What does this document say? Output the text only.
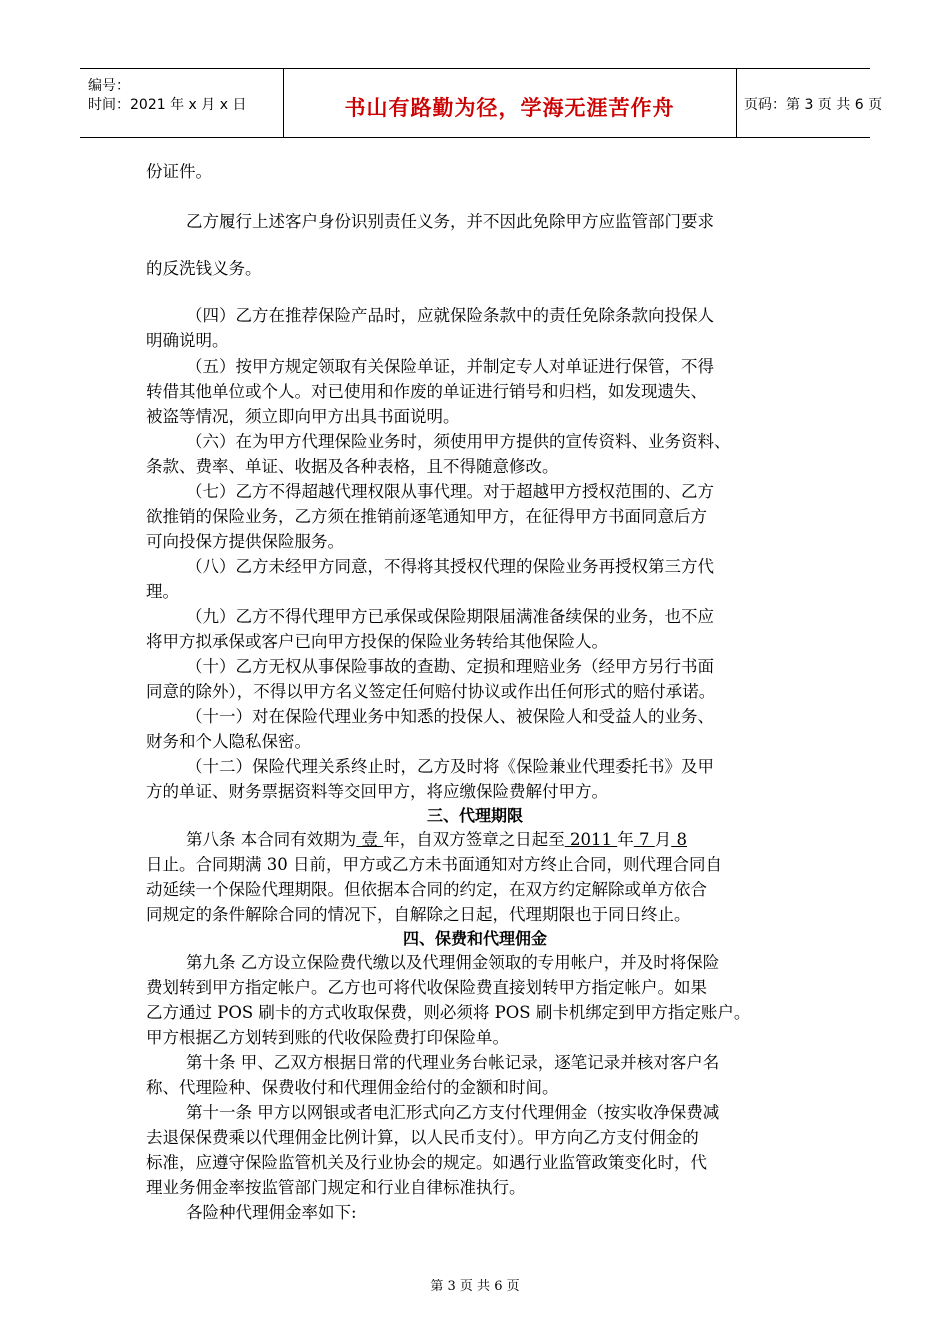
编号：
时间：2021 年 x 月 x 日	书山有路勤为径，学海无涯苦作舟	页码：第 3 页 共 6 页
份证件。
乙方履行上述客户身份识别责任义务，并不因此免除甲方应监管部门要求
的反洗钱义务。
（四）乙方在推荐保险产品时，应就保险条款中的责任免除条款向投保人
明确说明。
（五）按甲方规定领取有关保险单证，并制定专人对单证进行保管，不得
转借其他单位或个人。对已使用和作废的单证进行销号和归档，如发现遗失、
被盗等情况，须立即向甲方出具书面说明。
（六）在为甲方代理保险业务时，须使用甲方提供的宣传资料、业务资料、
条款、费率、单证、收据及各种表格，且不得随意修改。
（七）乙方不得超越代理权限从事代理。对于超越甲方授权范围的、乙方
欲推销的保险业务，乙方须在推销前逐笔通知甲方，在征得甲方书面同意后方
可向投保方提供保险服务。
（八）乙方未经甲方同意，不得将其授权代理的保险业务再授权第三方代
理。
（九）乙方不得代理甲方已承保或保险期限届满准备续保的业务，也不应
将甲方拟承保或客户已向甲方投保的保险业务转给其他保险人。
（十）乙方无权从事保险事故的查勘、定损和理赔业务（经甲方另行书面
同意的除外），不得以甲方名义签定任何赔付协议或作出任何形式的赔付承诺。
（十一）对在保险代理业务中知悉的投保人、被保险人和受益人的业务、
财务和个人隐私保密。
（十二）保险代理关系终止时，乙方及时将《保险兼业代理委托书》及甲
方的单证、财务票据资料等交回甲方，将应缴保险费解付甲方。
三、代理期限
第八条 本合同有效期为 壹 年，自双方签章之日起至 2011 年 7 月 8
日止。合同期满 30 日前，甲方或乙方未书面通知对方终止合同，则代理合同自
动延续一个保险代理期限。但依据本合同的约定，在双方约定解除或单方依合
同规定的条件解除合同的情况下，自解除之日起，代理期限也于同日终止。
四、保费和代理佣金
第九条 乙方设立保险费代缴以及代理佣金领取的专用帐户，并及时将保险
费划转到甲方指定帐户。乙方也可将代收保险费直接划转甲方指定帐户。如果
乙方通过 POS 刷卡的方式收取保费，则必须将 POS 刷卡机绑定到甲方指定账户。
甲方根据乙方划转到账的代收保险费打印保险单。
第十条 甲、乙双方根据日常的代理业务台帐记录，逐笔记录并核对客户名
称、代理险种、保费收付和代理佣金给付的金额和时间。
第十一条 甲方以网银或者电汇形式向乙方支付代理佣金（按实收净保费减
去退保保费乘以代理佣金比例计算，以人民币支付）。甲方向乙方支付佣金的
标准，应遵守保险监管机关及行业协会的规定。如遇行业监管政策变化时，代
理业务佣金率按监管部门规定和行业自律标准执行。
各险种代理佣金率如下:
第 3 页 共 6 页
